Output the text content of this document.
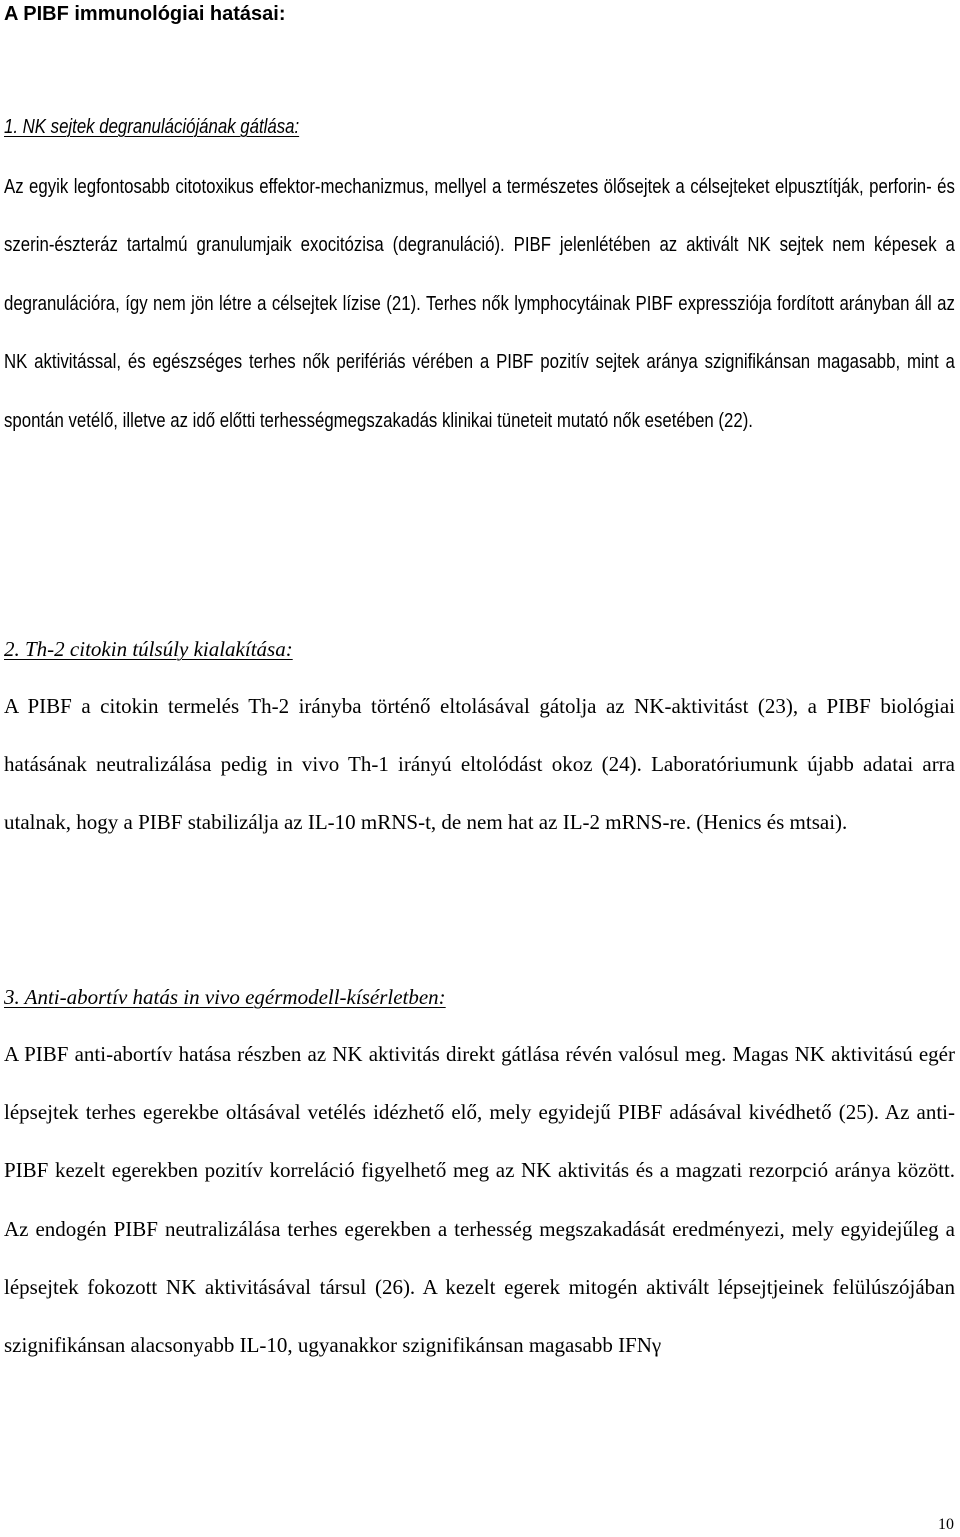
A PIBF immunológiai hatásai:
1. NK sejtek degranulációjának gátlása:

Az egyik legfontosabb citotoxikus effektor-mechanizmus, mellyel a természetes ölősejtek a célsejteket elpusztítják, perforin- és szerin-észteráz tartalmú granulumjaik exocitózisa (degranuláció). PIBF jelenlétében az aktivált NK sejtek nem képesek a degranulációra, így nem jön létre a célsejtek lízise (21). Terhes nők lymphocytáinak PIBF expressziója fordított arányban áll az NK aktivitással, és egészséges terhes nők perifériás vérében a PIBF pozitív sejtek aránya szignifikánsan magasabb, mint a spontán vetélő, illetve az idő előtti terhességmegszakadás klinikai tüneteit mutató nők esetében (22).

2. Th-2 citokin túlsúly kialakítása:

A PIBF a citokin termelés Th-2 irányba történő eltolásával gátolja az NK-aktivitást (23), a PIBF biológiai hatásának neutralizálása pedig in vivo Th-1 irányú eltolódást okoz (24). Laboratóriumunk újabb adatai arra utalnak, hogy a PIBF stabilizálja az IL-10 mRNS-t, de nem hat az IL-2 mRNS-re. (Henics és mtsai).

3. Anti-abortív hatás in vivo egérmodell-kísérletben:

A PIBF anti-abortív hatása részben az NK aktivitás direkt gátlása révén valósul meg. Magas NK aktivitású egér lépsejtek terhes egerekbe oltásával vetélés idézhető elő, mely egyidejű PIBF adásával kivédhető (25). Az anti-PIBF kezelt egerekben pozitív korreláció figyelhető meg az NK aktivitás és a magzati rezorpció aránya között. Az endogén PIBF neutralizálása terhes egerekben a terhesség megszakadását eredményezi, mely egyidejűleg a lépsejtek fokozott NK aktivitásával társul (26). A kezelt egerek mitogén aktivált lépsejtjeinek felülúszójában szignifikánsan alacsonyabb IL-10, ugyanakkor szignifikánsan magasabb IFNγ

10
